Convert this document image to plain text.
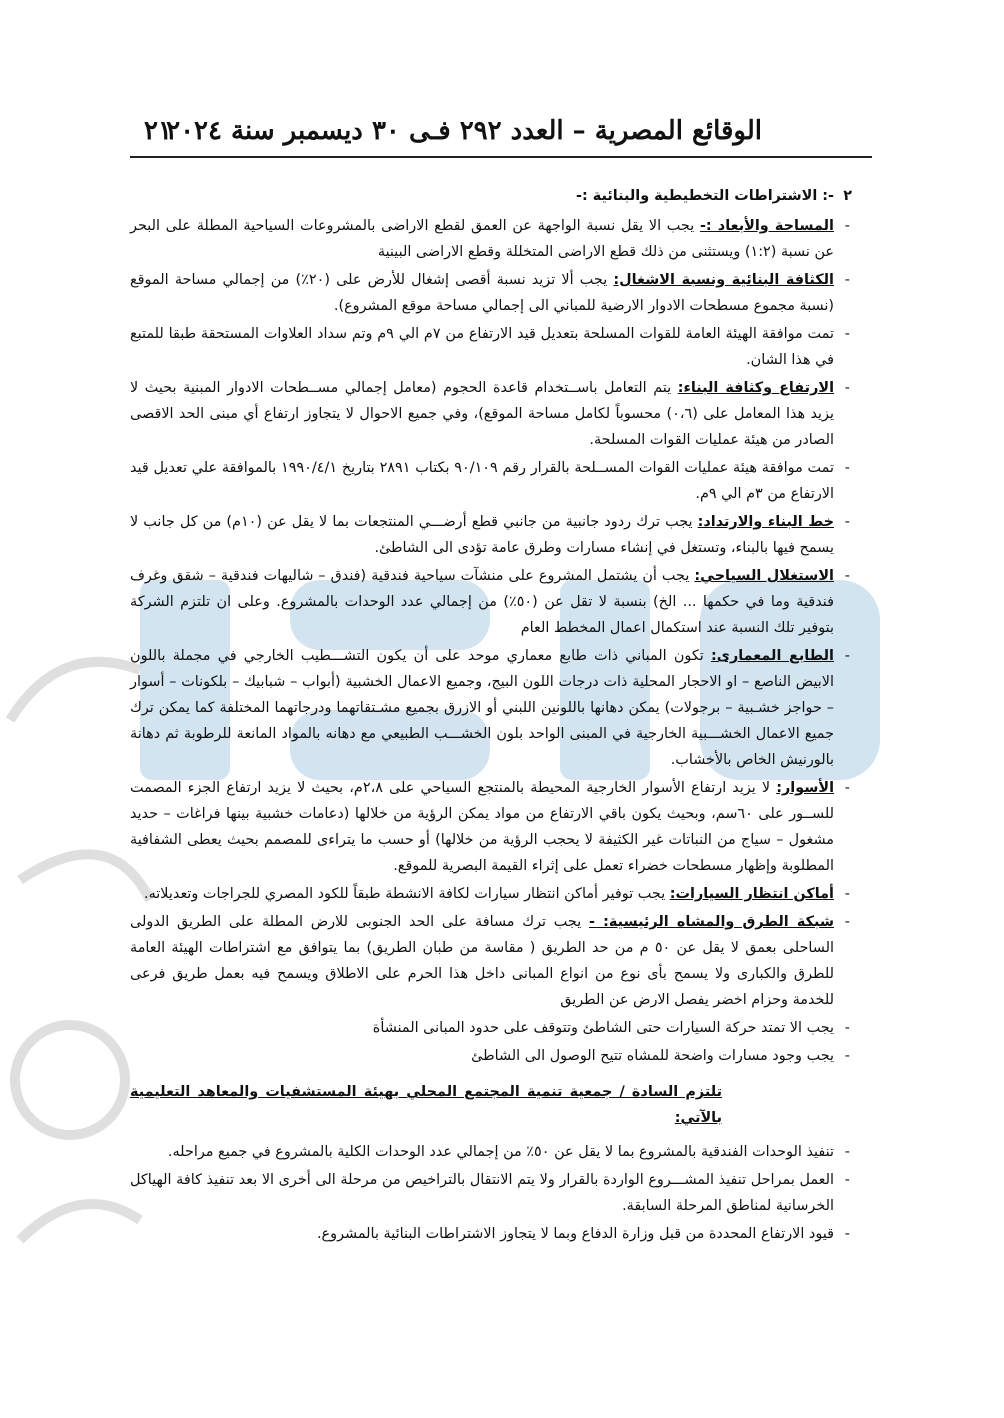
الوقائع المصرية – العدد ٢٩٢ فـى ٣٠ ديسمبر سنة ٢٠٢٤
٢١
٢
-: الاشتراطات التخطيطية والبنائية :-
-
المساحة والأبعاد :- يجب الا يقل نسبة الواجهة عن العمق لقطع الاراضى بالمشروعات السياحية المطلة على البحر عن نسبة (١:٢) ويستثنى من ذلك قطع الاراضى المتخللة وقطع الاراضى البينية
-
الكثافة البنائية ونسبة الاشغال: يجب ألا تزيد نسبة أقصى إشغال للأرض على (٢٠٪) من إجمالي مساحة الموقع (نسبة مجموع مسطحات الادوار الارضية للمباني الى إجمالي مساحة موقع المشروع).
-
تمت موافقة الهيئة العامة للقوات المسلحة بتعديل قيد الارتفاع من ٧م الي ٩م وتم سداد العلاوات المستحقة طبقا للمتبع في هذا الشان.
-
الارتفاع وكثافة البناء: يتم التعامل باســتخدام قاعدة الحجوم (معامل إجمالي مســطحات الادوار المبنية بحيث لا يزيد هذا المعامل على (٠،٦) محسوباً لكامل مساحة الموقع)، وفي جميع الاحوال لا يتجاوز ارتفاع أي مبنى الحد الاقصى الصادر من هيئة عمليات القوات المسلحة.
-
تمت موافقة هيئة عمليات القوات المســلحة بالقرار رقم ٩٠/١٠٩ بكتاب ٢٨٩١ بتاريخ ١٩٩٠/٤/١ بالموافقة علي تعديل قيد الارتفاع من ٣م الي ٩م.
-
خط البناء والارتداد: يجب ترك ردود جانبية من جانبي قطع أرضـــي المنتجعات بما لا يقل عن (١٠م) من كل جانب لا يسمح فيها بالبناء، وتستغل في إنشاء مسارات وطرق عامة تؤدى الى الشاطئ.
-
الاستغلال السياحي: يجب أن يشتمل المشروع على منشآت سياحية فندقية (فندق – شاليهات فندقية – شقق وغرف فندقية وما في حكمها ... الخ) بنسبة لا تقل عن (٥٠٪) من إجمالي عدد الوحدات بالمشروع. وعلى ان تلتزم الشركة بتوفير تلك النسبة عند استكمال اعمال المخطط العام
-
الطابع المعمارى: تكون المباني ذات طابع معماري موحد على أن يكون التشـــطيب الخارجي في مجملة باللون الابيض الناصع – او الاحجار المحلية ذات درجات اللون البيج، وجميع الاعمال الخشبية (أبواب – شبابيك – بلكونات – أسوار – حواجز خشـبية – برجولات) يمكن دهانها باللونين اللبني أو الازرق بجميع مشـتقاتهما ودرجاتهما المختلفة كما يمكن ترك جميع الاعمال الخشـــبية الخارجية في المبنى الواحد بلون الخشـــب الطبيعي مع دهانه بالمواد المانعة للرطوبة ثم دهانة بالورنيش الخاص بالأخشاب.
-
الأسوار: لا يزيد ارتفاع الأسوار الخارجية المحيطة بالمنتجع السياحي على ٢،٨م، بحيث لا يزيد ارتفاع الجزء المصمت للســور على ٦٠سم، وبحيث يكون باقي الارتفاع من مواد يمكن الرؤية من خلالها (دعامات خشبية بينها فراغات – حديد مشغول – سياج من النباتات غير الكثيفة لا يحجب الرؤية من خلالها) أو حسب ما يتراءى للمصمم بحيث يعطى الشفافية المطلوبة وإظهار مسطحات خضراء تعمل على إثراء القيمة البصرية للموقع.
-
أماكن انتظار السيارات: يجب توفير أماكن انتظار سيارات لكافة الانشطة طبقاً للكود المصري للجراجات وتعديلاته.
-
شبكة الطرق والمشاه الرئيسية: - يجب ترك مسافة على الحد الجنوبى للارض المطلة على الطريق الدولى الساحلى بعمق لا يقل عن ٥٠ م من حد الطريق ( مقاسة من طبان الطريق) بما يتوافق مع اشتراطات الهيئة العامة للطرق والكبارى ولا يسمح بأى نوع من انواع المبانى داخل هذا الحرم على الاطلاق ويسمح فيه بعمل طريق فرعى للخدمة وحزام اخضر يفصل الارض عن الطريق
-
يجب الا تمتد حركة السيارات حتى الشاطئ وتتوقف على حدود المبانى المنشأة
-
يجب وجود مسارات واضحة للمشاه تتيح الوصول الى الشاطئ
تلتزم السادة / جمعية تنمية المجتمع المحلي بهيئة المستشفيات والمعاهد التعليمية بالآتي:
-
تنفيذ الوحدات الفندقية بالمشروع بما لا يقل عن ٥٠٪ من إجمالي عدد الوحدات الكلية بالمشروع في جميع مراحله.
-
العمل بمراحل تنفيذ المشـــروع الواردة بالقرار ولا يتم الانتقال بالتراخيص من مرحلة الى أخرى الا بعد تنفيذ كافة الهياكل الخرسانية لمناطق المرحلة السابقة.
-
قيود الارتفاع المحددة من قبل وزارة الدفاع وبما لا يتجاوز الاشتراطات البنائية بالمشروع.
